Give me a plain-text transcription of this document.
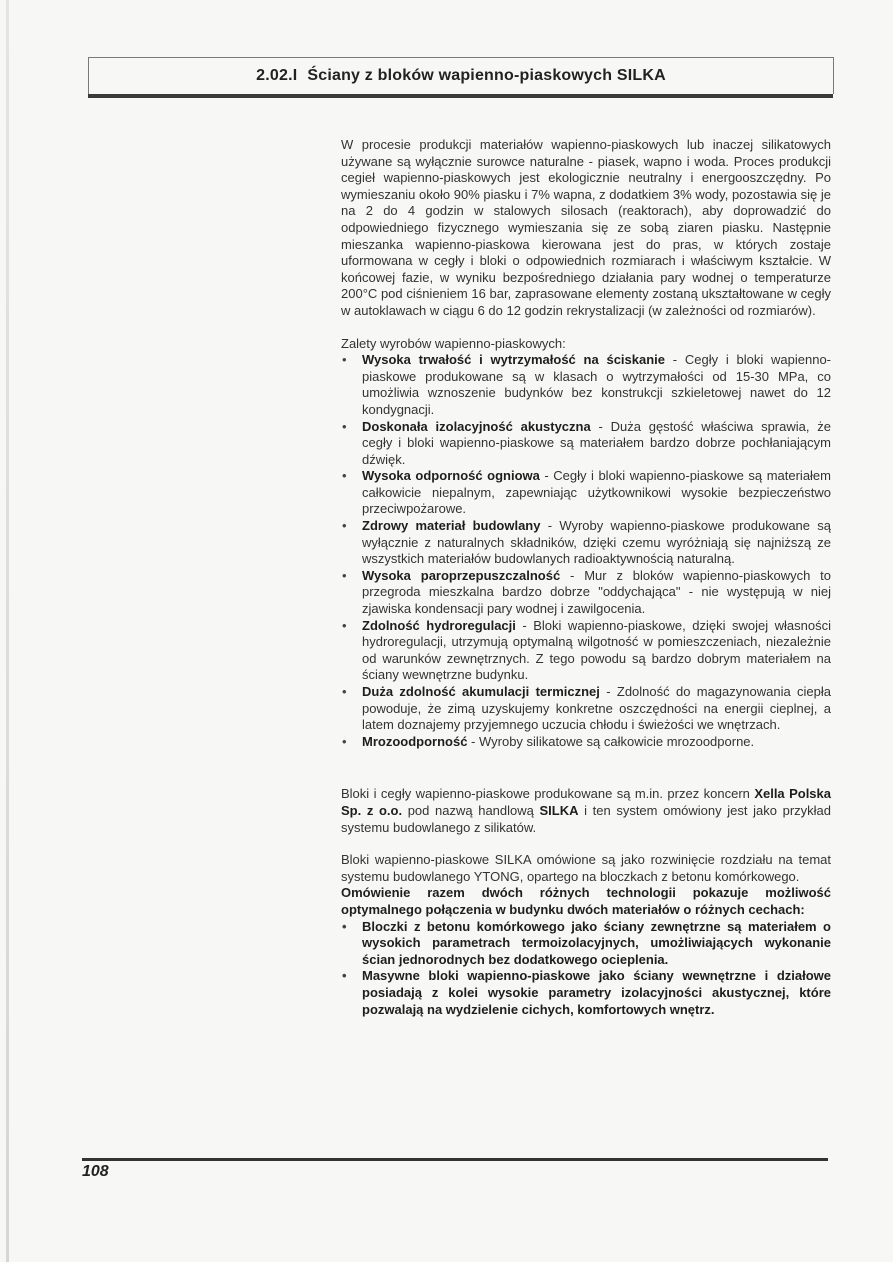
2.02.I Ściany z bloków wapienno-piaskowych SILKA

W procesie produkcji materiałów wapienno-piaskowych lub inaczej silikatowych używane są wyłącznie surowce naturalne - piasek, wapno i woda. Proces produkcji cegieł wapienno-piaskowych jest ekologicznie neutralny i energooszczędny. Po wymieszaniu około 90% piasku i 7% wapna, z dodatkiem 3% wody, pozostawia się je na 2 do 4 godzin w stalowych silosach (reaktorach), aby doprowadzić do odpowiedniego fizycznego wymieszania się ze sobą ziaren piasku. Następnie mieszanka wapienno-piaskowa kierowana jest do pras, w których zostaje uformowana w cegły i bloki o odpowiednich rozmiarach i właściwym kształcie. W końcowej fazie, w wyniku bezpośredniego działania pary wodnej o temperaturze 200°C pod ciśnieniem 16 bar, zaprasowane elementy zostaną ukształtowane w cegły w autoklawach w ciągu 6 do 12 godzin rekrystalizacji (w zależności od rozmiarów).

Zalety wyrobów wapienno-piaskowych:

• Wysoka trwałość i wytrzymałość na ściskanie - Cegły i bloki wapienno-piaskowe produkowane są w klasach o wytrzymałości od 15-30 MPa, co umożliwia wznoszenie budynków bez konstrukcji szkieletowej nawet do 12 kondygnacji.
• Doskonała izolacyjność akustyczna - Duża gęstość właściwa sprawia, że cegły i bloki wapienno-piaskowe są materiałem bardzo dobrze pochłaniającym dźwięk.
• Wysoka odporność ogniowa - Cegły i bloki wapienno-piaskowe są materiałem całkowicie niepalnym, zapewniając użytkownikowi wysokie bezpieczeństwo przeciwpożarowe.
• Zdrowy materiał budowlany - Wyroby wapienno-piaskowe produkowane są wyłącznie z naturalnych składników, dzięki czemu wyróżniają się najniższą ze wszystkich materiałów budowlanych radioaktywnością naturalną.
• Wysoka paroprzepuszczalność - Mur z bloków wapienno-piaskowych to przegroda mieszkalna bardzo dobrze "oddychająca" - nie występują w niej zjawiska kondensacji pary wodnej i zawilgocenia.
• Zdolność hydroregulacji - Bloki wapienno-piaskowe, dzięki swojej własności hydroregulacji, utrzymują optymalną wilgotność w pomieszczeniach, niezależnie od warunków zewnętrznych. Z tego powodu są bardzo dobrym materiałem na ściany wewnętrzne budynku.
• Duża zdolność akumulacji termicznej - Zdolność do magazynowania ciepła powoduje, że zimą uzyskujemy konkretne oszczędności na energii cieplnej, a latem doznajemy przyjemnego uczucia chłodu i świeżości we wnętrzach.
• Mrozoodporność - Wyroby silikatowe są całkowicie mrozoodporne.

Bloki i cegły wapienno-piaskowe produkowane są m.in. przez koncern Xella Polska Sp. z o.o. pod nazwą handlową SILKA i ten system omówiony jest jako przykład systemu budowlanego z silikatów.

Bloki wapienno-piaskowe SILKA omówione są jako rozwinięcie rozdziału na temat systemu budowlanego YTONG, opartego na bloczkach z betonu komórkowego.

Omówienie razem dwóch różnych technologii pokazuje możliwość optymalnego połączenia w budynku dwóch materiałów o różnych cechach:

• Bloczki z betonu komórkowego jako ściany zewnętrzne są materiałem o wysokich parametrach termoizolacyjnych, umożliwiających wykonanie ścian jednorodnych bez dodatkowego ocieplenia.
• Masywne bloki wapienno-piaskowe jako ściany wewnętrzne i działowe posiadają z kolei wysokie parametry izolacyjności akustycznej, które pozwalają na wydzielenie cichych, komfortowych wnętrz.
108
